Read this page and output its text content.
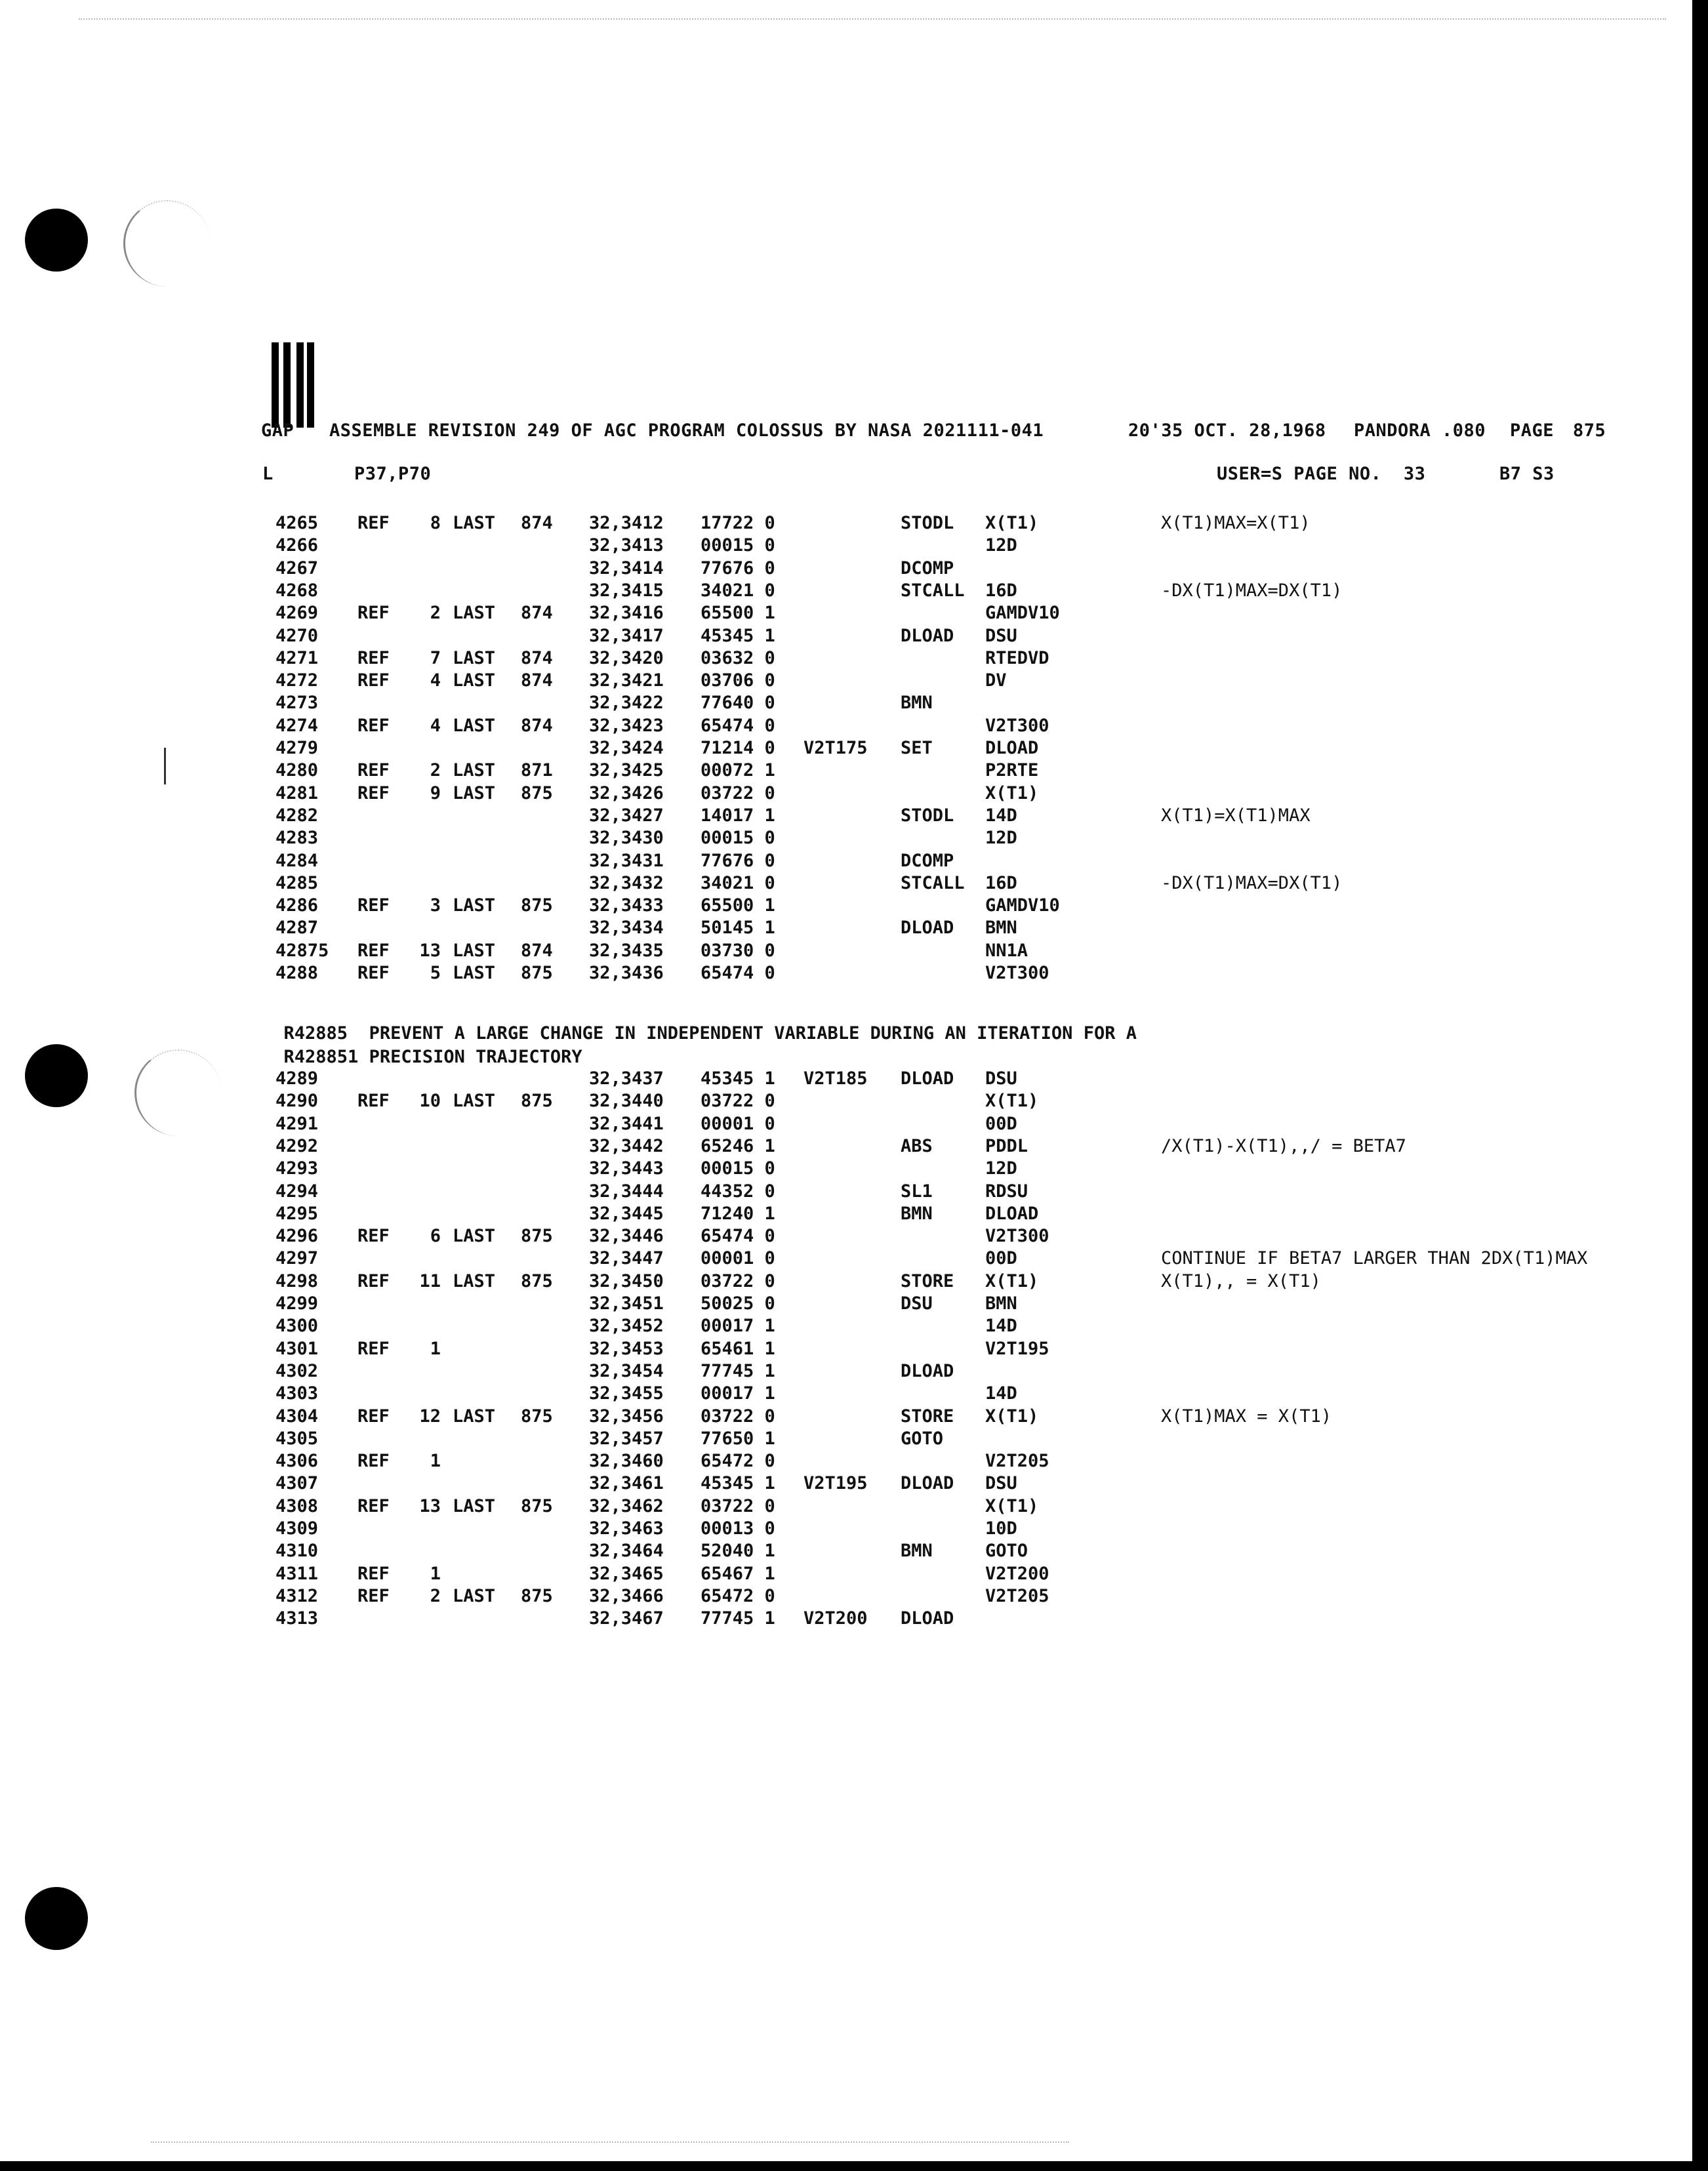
GAP ASSEMBLE REVISION 249 OF AGC PROGRAM COLOSSUS BY NASA 2021111-041	20'35 OCT. 28,1968 PANDORA .080 PAGE 875
L	P37,P70	USER=S PAGE NO.  33	B7 S3
4265 REF	8 LAST 874 32,3412 17722 0	STODL X(T1)	X(T1)MAX=X(T1)
4266	32,3413 00015 0	12D
4267	32,3414 77676 0	DCOMP
4268	32,3415 34021 0	STCALL 16D	-DX(T1)MAX=DX(T1)
4269 REF	2 LAST 874 32,3416 65500 1	GAMDV10
4270	32,3417 45345 1	DLOAD DSU
4271 REF	7 LAST 874 32,3420 03632 0	RTEDVD
4272 REF	4 LAST 874 32,3421 03706 0	DV
4273	32,3422 77640 0	BMN
4274 REF	4 LAST 874 32,3423 65474 0	V2T300
4279	32,3424 71214 0 V2T175 SET	DLOAD
4280 REF	2 LAST 871 32,3425 00072 1	P2RTE
4281 REF	9 LAST 875 32,3426 03722 0	X(T1)
4282	32,3427 14017 1	STODL 14D	X(T1)=X(T1)MAX
4283	32,3430 00015 0	12D
4284	32,3431 77676 0	DCOMP
4285	32,3432 34021 0	STCALL 16D	-DX(T1)MAX=DX(T1)
4286 REF	3 LAST 875 32,3433 65500 1	GAMDV10
4287	32,3434 50145 1	DLOAD BMN
42875 REF 13 LAST 874 32,3435 03730 0	NN1A
4288 REF	5 LAST 875 32,3436 65474 0	V2T300

R42885 PREVENT A LARGE CHANGE IN INDEPENDENT VARIABLE DURING AN ITERATION FOR A

R428851 PRECISION TRAJECTORY

4289	32,3437 45345 1 V2T185 DLOAD DSU
4290 REF 10 LAST 875 32,3440 03722 0	X(T1)
4291	32,3441 00001 0	00D
4292	32,3442 65246 1	ABS	PDDL	/X(T1)-X(T1),,/ = BETA7
4293	32,3443 00015 0	12D
4294	32,3444 44352 0	SL1	RDSU
4295	32,3445 71240 1	BMN	DLOAD
4296 REF	6 LAST 875 32,3446 65474 0	V2T300
4297	32,3447 00001 0	00D	CONTINUE IF BETA7 LARGER THAN 2DX(T1)MAX
4298 REF 11 LAST 875 32,3450 03722 0	STORE X(T1)	X(T1),, = X(T1)
4299	32,3451 50025 0	DSU	BMN
4300	32,3452 00017 1	14D
4301 REF	1	32,3453 65461 1	V2T195
4302	32,3454 77745 1	DLOAD
4303	32,3455 00017 1	14D
4304 REF 12 LAST 875 32,3456 03722 0	STORE X(T1)	X(T1)MAX = X(T1)
4305	32,3457 77650 1	GOTO
4306 REF	1	32,3460 65472 0	V2T205
4307	32,3461 45345 1 V2T195 DLOAD DSU
4308 REF 13 LAST 875 32,3462 03722 0	X(T1)
4309	32,3463 00013 0	10D
4310	32,3464 52040 1	BMN	GOTO
4311 REF	1	32,3465 65467 1	V2T200
4312 REF	2 LAST 875 32,3466 65472 0	V2T205
4313	32,3467 77745 1 V2T200 DLOAD
